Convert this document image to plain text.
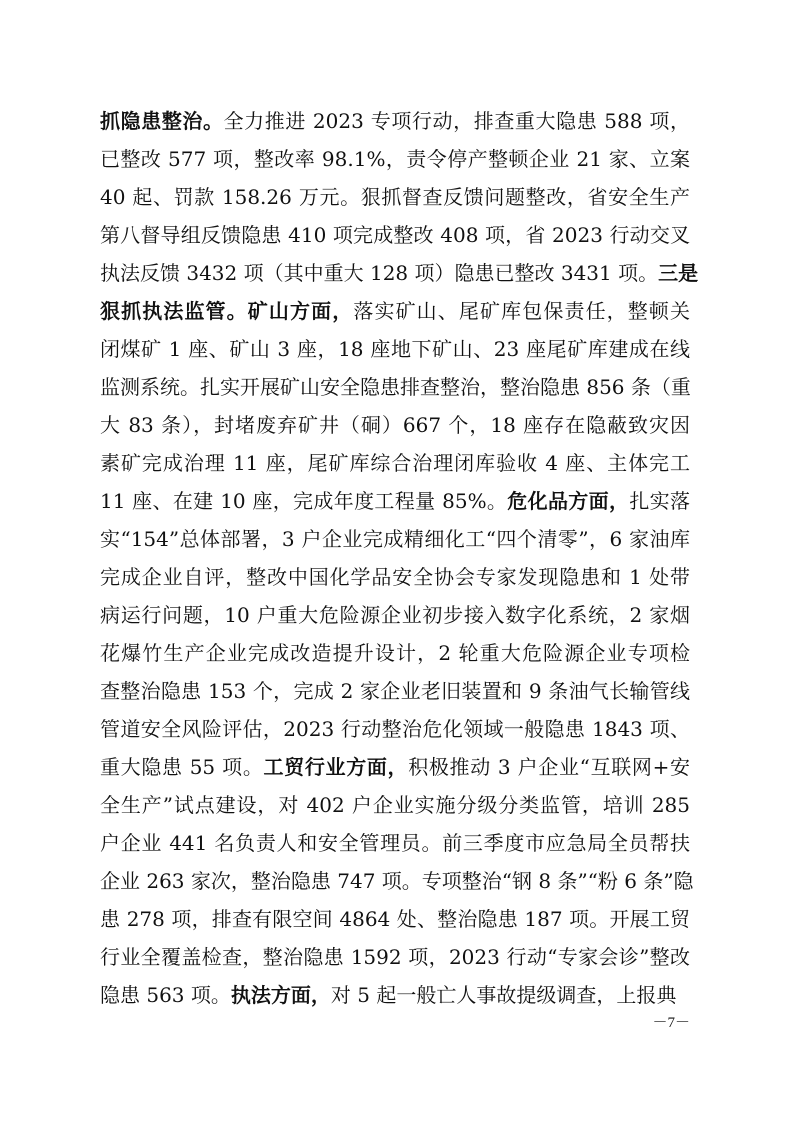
抓隐患整治。全力推进 2023 专项行动，排查重大隐患 588 项，
已整改 577 项，整改率 98.1%，责令停产整顿企业 21 家、立案
40 起、罚款 158.26 万元。狠抓督查反馈问题整改，省安全生产
第八督导组反馈隐患 410 项完成整改 408 项，省 2023 行动交叉
执法反馈 3432 项（其中重大 128 项）隐患已整改 3431 项。三是
狠抓执法监管。矿山方面，落实矿山、尾矿库包保责任，整顿关
闭煤矿 1 座、矿山 3 座，18 座地下矿山、23 座尾矿库建成在线
监测系统。扎实开展矿山安全隐患排查整治，整治隐患 856 条（重
大 83 条），封堵废弃矿井（硐）667 个，18 座存在隐蔽致灾因
素矿完成治理 11 座，尾矿库综合治理闭库验收 4 座、主体完工
11 座、在建 10 座，完成年度工程量 85%。危化品方面，扎实落
实“154”总体部署，3 户企业完成精细化工“四个清零”，6 家油库
完成企业自评，整改中国化学品安全协会专家发现隐患和 1 处带
病运行问题，10 户重大危险源企业初步接入数字化系统，2 家烟
花爆竹生产企业完成改造提升设计，2 轮重大危险源企业专项检
查整治隐患 153 个，完成 2 家企业老旧装置和 9 条油气长输管线
管道安全风险评估，2023 行动整治危化领域一般隐患 1843 项、
重大隐患 55 项。工贸行业方面，积极推动 3 户企业“互联网+安
全生产”试点建设，对 402 户企业实施分级分类监管，培训 285
户企业 441 名负责人和安全管理员。前三季度市应急局全员帮扶
企业 263 家次，整治隐患 747 项。专项整治“钢 8 条”“粉 6 条”隐
患 278 项，排查有限空间 4864 处、整治隐患 187 项。开展工贸
行业全覆盖检查，整治隐患 1592 项，2023 行动“专家会诊”整改
隐患 563 项。执法方面，对 5 起一般亡人事故提级调查，上报典
－7－
